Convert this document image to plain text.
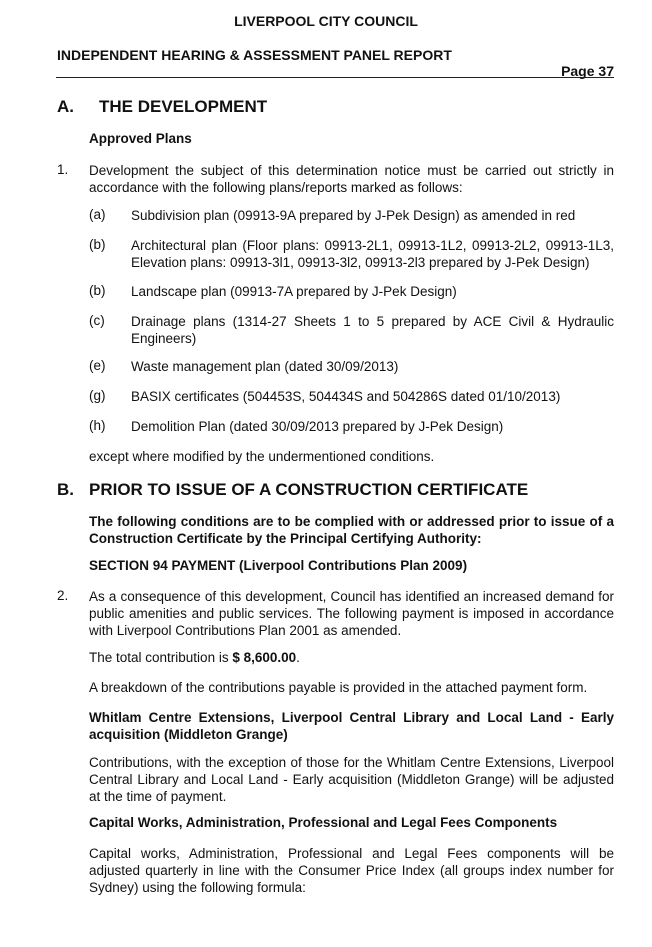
LIVERPOOL CITY COUNCIL
INDEPENDENT HEARING & ASSESSMENT PANEL REPORT
Page 37
A. THE DEVELOPMENT
Approved Plans
1. Development the subject of this determination notice must be carried out strictly in accordance with the following plans/reports marked as follows:
(a) Subdivision plan (09913-9A prepared by J-Pek Design) as amended in red
(b) Architectural plan (Floor plans: 09913-2L1, 09913-1L2, 09913-2L2, 09913-1L3, Elevation plans: 09913-3l1, 09913-3l2, 09913-2l3 prepared by J-Pek Design)
(b) Landscape plan (09913-7A prepared by J-Pek Design)
(c) Drainage plans (1314-27 Sheets 1 to 5 prepared by ACE Civil & Hydraulic Engineers)
(e) Waste management plan (dated 30/09/2013)
(g) BASIX certificates (504453S, 504434S and 504286S dated 01/10/2013)
(h) Demolition Plan (dated 30/09/2013 prepared by J-Pek Design)
except where modified by the undermentioned conditions.
B. PRIOR TO ISSUE OF A CONSTRUCTION CERTIFICATE
The following conditions are to be complied with or addressed prior to issue of a Construction Certificate by the Principal Certifying Authority:
SECTION 94 PAYMENT (Liverpool Contributions Plan 2009)
2. As a consequence of this development, Council has identified an increased demand for public amenities and public services. The following payment is imposed in accordance with Liverpool Contributions Plan 2001 as amended.
The total contribution is $ 8,600.00.
A breakdown of the contributions payable is provided in the attached payment form.
Whitlam Centre Extensions, Liverpool Central Library and Local Land - Early acquisition (Middleton Grange)
Contributions, with the exception of those for the Whitlam Centre Extensions, Liverpool Central Library and Local Land - Early acquisition (Middleton Grange) will be adjusted at the time of payment.
Capital Works, Administration, Professional and Legal Fees Components
Capital works, Administration, Professional and Legal Fees components will be adjusted quarterly in line with the Consumer Price Index (all groups index number for Sydney) using the following formula:
